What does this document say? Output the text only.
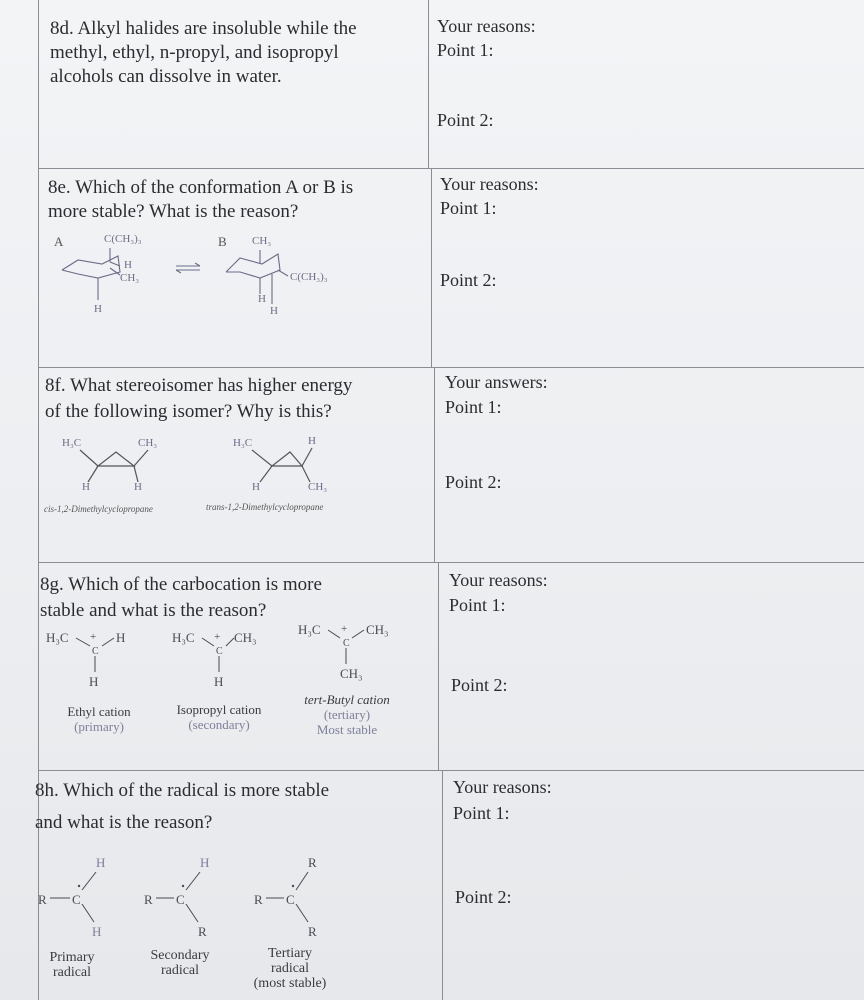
8d. Alkyl halides are insoluble while the
methyl, ethyl, n-propyl, and isopropyl
alcohols can dissolve in water.
Your reasons:
Point 1:
Point 2:
8e. Which of the conformation A or B is
more stable? What is the reason?
Your reasons:
Point 1:
Point 2:
A	C(CH₃)₃
H
CH₃
H
B CH₃
C(CH₃)₃
H
H
8f. What stereoisomer has higher energy
of the following isomer? Why is this?
Your answers:
Point 1:
Point 2:
H₃C	CH₃
H	H
H₃C	H
H	CH₃
cis-1,2-Dimethylcyclopropane	trans-1,2-Dimethylcyclopropane
8g. Which of the carbocation is more
stable and what is the reason?
Your reasons:
Point 1:
Point 2:
H₃C	H
C
+
H
H₃C	CH₃
C
+
H
H₃C	CH₃
C
+
CH₃
Ethyl cation
(primary)
Isopropyl cation
(secondary)
tert-Butyl cation
(tertiary)
Most stable
8h. Which of the radical is more stable
and what is the reason?
Your reasons:
Point 1:
Point 2:
H
R C
H
H
R C
R
R
R C
R
Primary
radical
Secondary
radical
Tertiary
radical
(most stable)
